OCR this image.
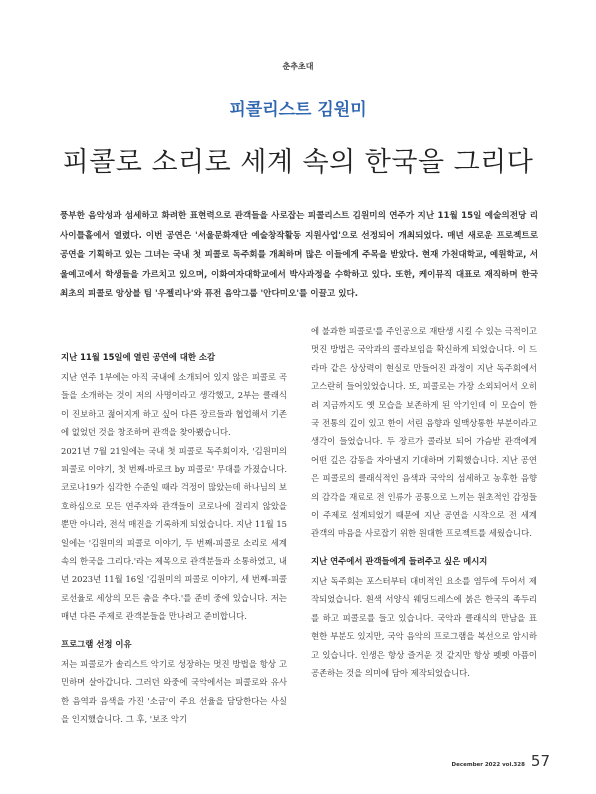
춘추초대
피콜리스트 김원미
피콜로 소리로 세계 속의 한국을 그리다

풍부한 음악성과 섬세하고 화려한 표현력으로 관객들을 사로잡는 피콜리스트 김원미의 연주가 지난 11월 15일 예술의전당 리사이틀홀에서 열렸다. 이번 공연은 '서울문화재단 예술창작활동 지원사업'으로 선정되어 개최되었다. 매년 새로운 프로젝트로 공연을 기획하고 있는 그녀는 국내 첫 피콜로 독주회를 개최하며 많은 이들에게 주목을 받았다. 현재 가천대학교, 예원학교, 서울예고에서 학생들을 가르치고 있으며, 이화여자대학교에서 박사과정을 수학하고 있다. 또한, 케이뮤직 대표로 재직하며 한국 최초의 피콜로 앙상블 팀 '우젤리나'와 퓨전 음악그룹 '안다미오'를 이끌고 있다.

지난 11월 15일에 열린 공연에 대한 소감

지난 연주 1부에는 아직 국내에 소개되어 있지 않은 피콜로 곡들을 소개하는 것이 저의 사명이라고 생각했고, 2부는 클래식이 진보하고 젊어지게 하고 싶어 다른 장르들과 협업해서 기존에 없었던 것을 창조하며 관객을 찾아뵀습니다.

2021년 7월 21일에는 국내 첫 피콜로 독주회이자, '김원미의 피콜로 이야기, 첫 번째-바로크 by 피콜로' 무대를 가졌습니다. 코로나19가 심각한 수준일 때라 걱정이 많았는데 하나님의 보호하심으로 모든 연주자와 관객들이 코로나에 걸리지 않았을 뿐만 아니라, 전석 매진을 기록하게 되었습니다. 지난 11월 15일에는 '김원미의 피콜로 이야기, 두 번째-피콜로 소리로 세계 속의 한국을 그리다.'라는 제목으로 관객분들과 소통하였고, 내년 2023년 11월 16일 '김원미의 피콜로 이야기, 세 번째-피콜로선율로 세상의 모든 춤을 추다.'를 준비 중에 있습니다. 저는 매년 다른 주제로 관객분들을 만나려고 준비합니다.

프로그램 선정 이유

저는 피콜로가 솔리스트 악기로 성장하는 멋진 방법을 항상 고민하며 살아갑니다. 그러던 와중에 국악에서는 피콜로와 유사한 음역과 음색을 가진 '소금'이 주요 선율을 담당한다는 사실을 인지했습니다. 그 후, '보조 악기

에 불과한 피콜로'를 주인공으로 재탄생 시킬 수 있는 극적이고 멋진 방법은 국악과의 콜라보임을 확신하게 되었습니다. 이 드라마 같은 상상력이 현실로 만들어진 과정이 지난 독주회에서 고스란히 들어있었습니다. 또, 피콜로는 가장 소외되어서 오히려 지금까지도 옛 모습을 보존하게 된 악기인데 이 모습이 한국 전통의 깊이 있고 한이 서린 음향과 일맥상통한 부분이라고 생각이 들었습니다. 두 장르가 콜라보 되어 가슴받 관객에게 어떤 깊은 감동을 자아낼지 기대하며 기획했습니다. 지난 공연은 피콜로의 클래식적인 음색과 국악의 섬세하고 농후한 음향의 감각을 재료로 전 인류가 공통으로 느끼는 원초적인 감정들이 주제로 설계되었기 때문에 지난 공연을 시작으로 전 세계 관객의 마음을 사로잡기 위한 원대한 프로젝트를 세웠습니다.

지난 연주에서 관객들에게 들려주고 싶은 메시지

지난 독주회는 포스터부터 대비적인 요소를 염두에 두어서 제작되었습니다. 흰색 서양식 웨딩드레스에 붉은 한국의 족두리를 하고 피콜로를 들고 있습니다. 국악과 클래식의 만남을 표현한 부분도 있지만, 국악 음악의 프로그램을 복선으로 암시하고 있습니다. 인생은 항상 즐거운 것 같지만 항상 펫펫 아픔이 공존하는 것을 의미에 담아 제작되었습니다.

December 2022 vol.328 57
